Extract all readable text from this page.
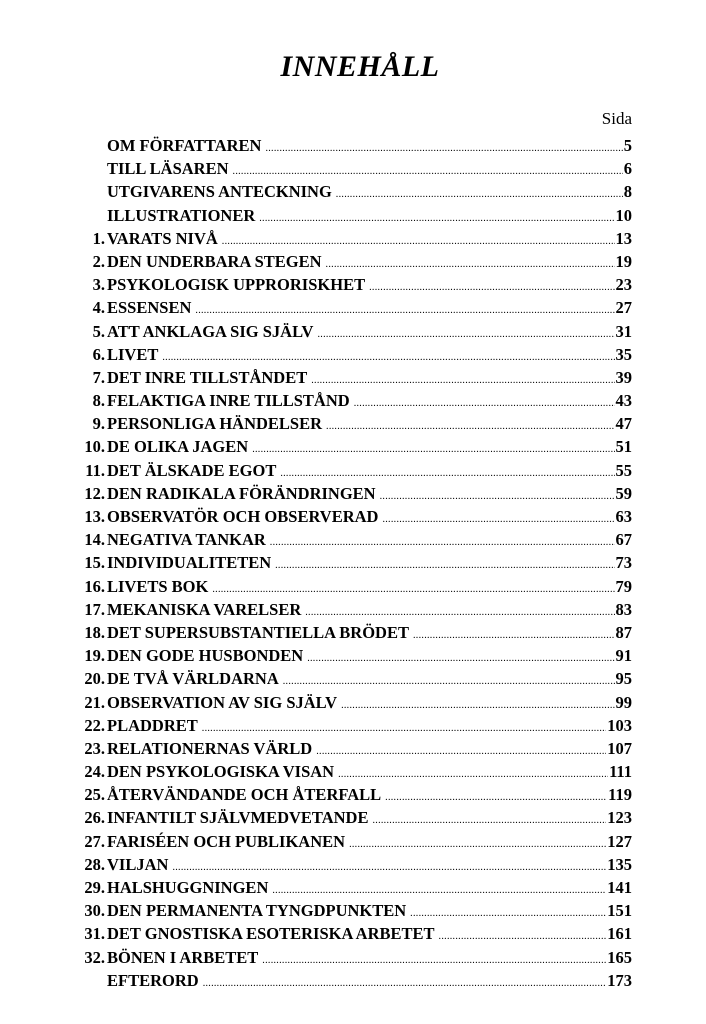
INNEHÅLL
Sida
OM FÖRFATTAREN .....	5
TILL LÄSAREN .....	6
UTGIVARENS ANTECKNING .....	8
ILLUSTRATIONER .....	10
1. VARATS NIVÅ .....	13
2. DEN UNDERBARA STEGEN .....	19
3. PSYKOLOGISK UPPRORISKHET .....	23
4. ESSENSEN .....	27
5. ATT ANKLAGA SIG SJÄLV .....	31
6. LIVET .....	35
7. DET INRE TILLSTÅNDET .....	39
8. FELAKTIGA INRE TILLSTÅND .....	43
9. PERSONLIGA HÄNDELSER .....	47
10. DE OLIKA JAGEN .....	51
11. DET ÄLSKADE EGOT .....	55
12. DEN RADIKALA FÖRÄNDRINGEN .....	59
13. OBSERVATÖR OCH OBSERVERAD .....	63
14. NEGATIVA TANKAR .....	67
15. INDIVIDUALITETEN .....	73
16. LIVETS BOK .....	79
17. MEKANISKA VARELSER .....	83
18. DET SUPERSUBSTANTIELLA BRÖDET .....	87
19. DEN GODE HUSBONDEN .....	91
20. DE TVÅ VÄRLDARNA .....	95
21. OBSERVATION AV SIG SJÄLV .....	99
22. PLADDRET .....	103
23. RELATIONERNAS VÄRLD .....	107
24. DEN PSYKOLOGISKA VISAN .....	111
25. ÅTERVÄNDANDE OCH ÅTERFALL .....	119
26. INFANTILT SJÄLVMEDVETANDE .....	123
27. FARISÉEN OCH PUBLIKANEN .....	127
28. VILJAN .....	135
29. HALSHUGGNINGEN .....	141
30. DEN PERMANENTA TYNGDPUNKTEN .....	151
31. DET GNOSTISKA ESOTERISKA ARBETET .....	161
32. BÖNEN I ARBETET .....	165
EFTERORD .....	173
